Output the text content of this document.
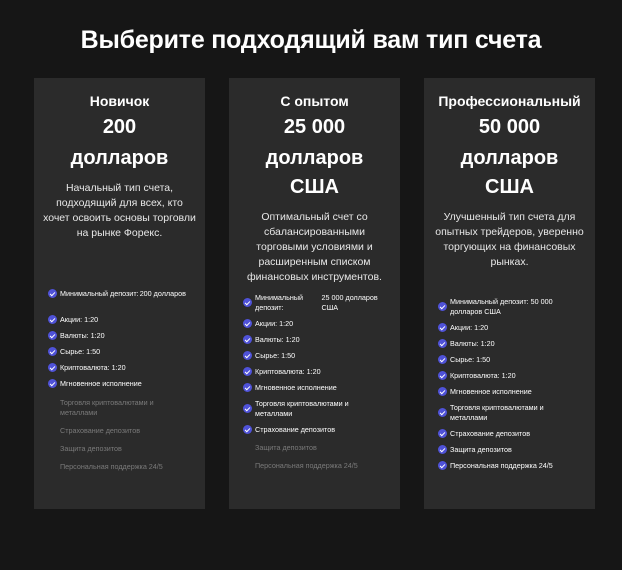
Выберите подходящий вам тип счета
Новичок
200
долларов
Начальный тип счета, подходящий для всех, кто хочет освоить основы торговли на рынке Форекс.
Минимальный депозит: 200 долларов
Акции: 1:20
Валюты: 1:20
Сырье: 1:50
Криптовалюта: 1:20
Мгновенное исполнение
Торговля криптовалютами и металлами
Страхование депозитов
Защита депозитов
Персональная поддержка 24/5
С опытом
25 000
долларов
США
Оптимальный счет со сбалансированными торговыми условиями и расширенным списком финансовых инструментов.
Минимальный депозит:
25 000 долларов США
Акции: 1:20
Валюты: 1:20
Сырье: 1:50
Криптовалюта: 1:20
Мгновенное исполнение
Торговля криптовалютами и металлами
Страхование депозитов
Защита депозитов
Персональная поддержка 24/5
Профессиональный
50 000
долларов
США
Улучшенный тип счета для опытных трейдеров, уверенно торгующих на финансовых рынках.
Минимальный депозит: 50 000 долларов США
Акции: 1:20
Валюты: 1:20
Сырье: 1:50
Криптовалюта: 1:20
Мгновенное исполнение
Торговля криптовалютами и металлами
Страхование депозитов
Защита депозитов
Персональная поддержка 24/5
